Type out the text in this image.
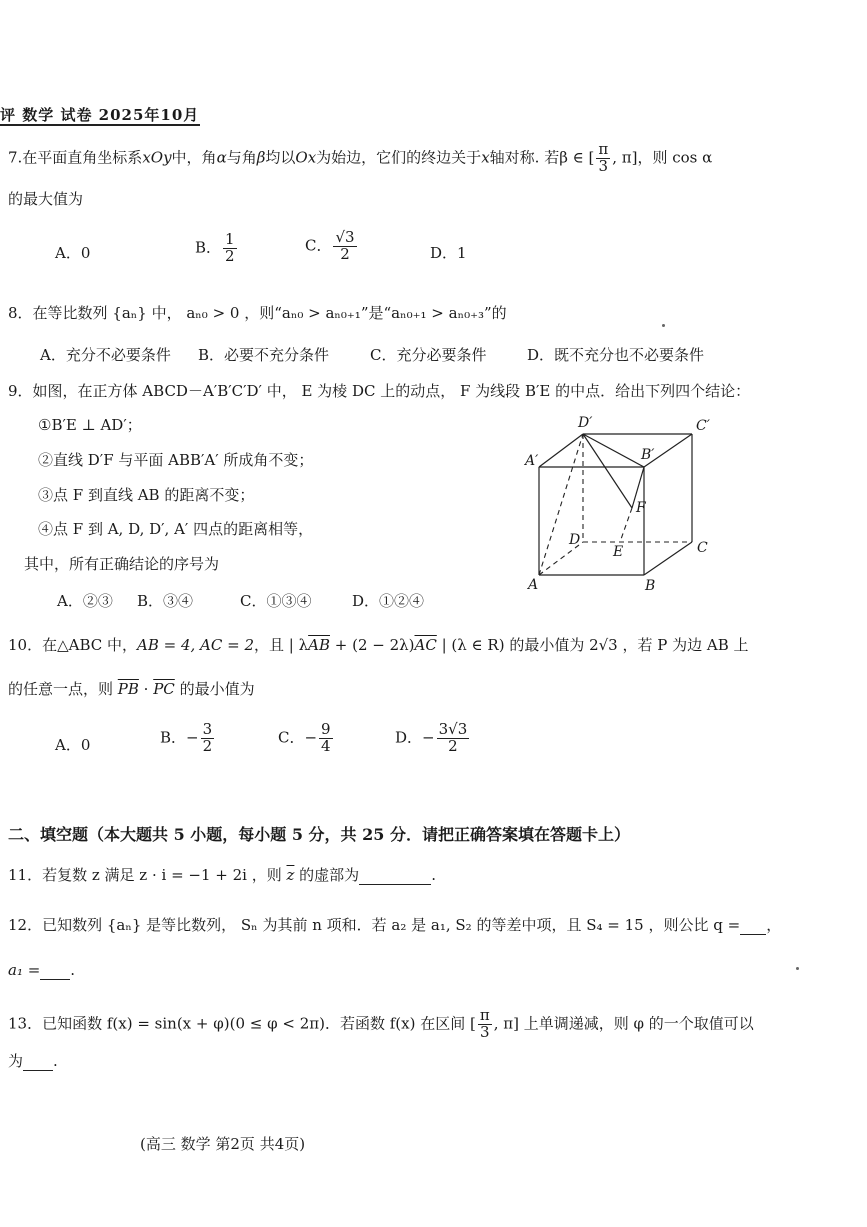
评 数学 试卷 2025年10月
7.在平面直角坐标系xOy中，角α与角β均以Ox为始边，它们的终边关于x轴对称. 若β ∈ [ $\frac{\pi}{3}$ , π]，则 cos α
的最大值为
A．0	B． $\frac{1}{2}$	C． $\frac{√3}{2}$	D．1
8．在等比数列 {aₙ} 中， aₙ₀ > 0 ，则“aₙ₀ > aₙ₀₊₁”是“aₙ₀₊₁ > aₙ₀₊₃”的
A．充分不必要条件 B．必要不充分条件	C．充分必要条件	D．既不充分也不必要条件
9．如图，在正方体 ABCD－A′B′C′D′ 中， E 为棱 DC 上的动点， F 为线段 B′E 的中点．给出下列四个结论：
①B′E ⊥ AD′；
②直线 D′F 与平面 ABB′A′ 所成角不变；
③点 F 到直线 AB 的距离不变；
④点 F 到 A, D, D′, A′ 四点的距离相等，
其中，所有正确结论的序号为
A．②③ B．③④	C．①③④	D．①②④
D′	C′
A′	B′
F
D
E	C
A	B
10．在△ABC 中，AB = 4, AC = 2，且 | $\lambda\overline{AB} + (2 - 2\lambda)\overline{AC}$ | (λ ∈ R) 的最小值为 2√3 ，若 P 为边 AB 上
的任意一点，则 $\overline{PB} \cdot \overline{PC}$ 的最小值为
A．0	B．− $\frac{3}{2}$	C．− $\frac{9}{4}$	D．− $\frac{3√3}{2}$
二、填空题（本大题共 5 小题，每小题 5 分，共 25 分．请把正确答案填在答题卡上）
11．若复数 z 满足 z · i = −1 + 2i ，则 $\overline{z}$ 的虚部为	.
12．已知数列 {aₙ} 是等比数列， Sₙ 为其前 n 项和．若 a₂ 是 a₁, S₂ 的等差中项，且 S₄ = 15 ，则公比 q = ，
a₁ = .
13．已知函数 f(x) = sin(x + φ)(0 ≤ φ < 2π)．若函数 f(x) 在区间 [ $\frac{\pi}{3}$ , π] 上单调递减，则 φ 的一个取值可以
为 .
(高三 数学 第2页 共4页)
